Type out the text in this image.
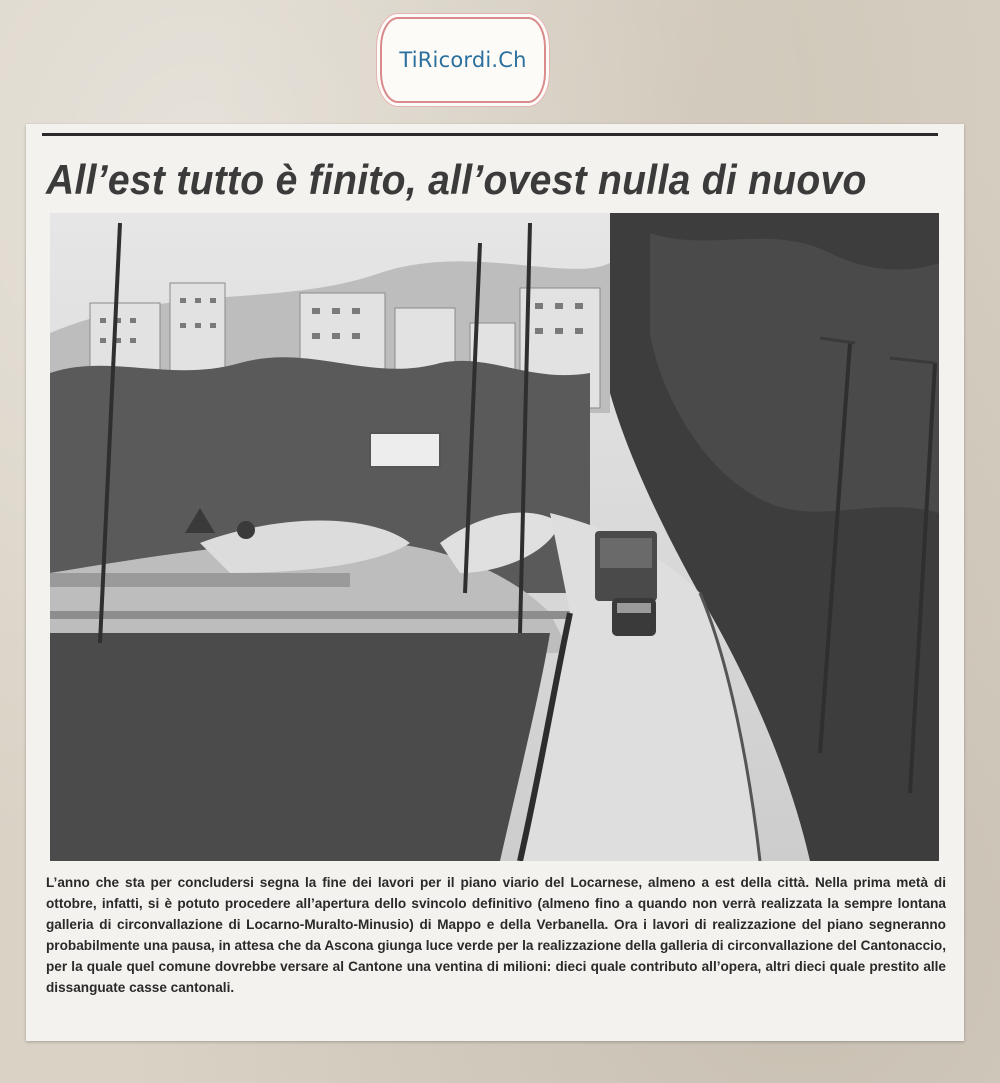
TiRicordi.Ch
All’est tutto è finito, all’ovest nulla di nuovo

L’anno che sta per concludersi segna la fine dei lavori per il piano viario del Locarnese, almeno a est della città. Nella prima metà di ottobre, infatti, si è potuto procedere all’apertura dello svincolo definitivo (almeno fino a quando non verrà realizzata la sempre lontana galleria di circonvallazione di Locarno-Muralto-Minusio) di Mappo e della Verbanella. Ora i lavori di realizzazione del piano segneranno probabilmente una pausa, in attesa che da Ascona giunga luce verde per la realizzazione della galleria di circonvallazione del Cantonaccio, per la quale quel comune dovrebbe versare al Cantone una ventina di milioni: dieci quale contributo all’opera, altri dieci quale prestito alle dissanguate casse cantonali.
